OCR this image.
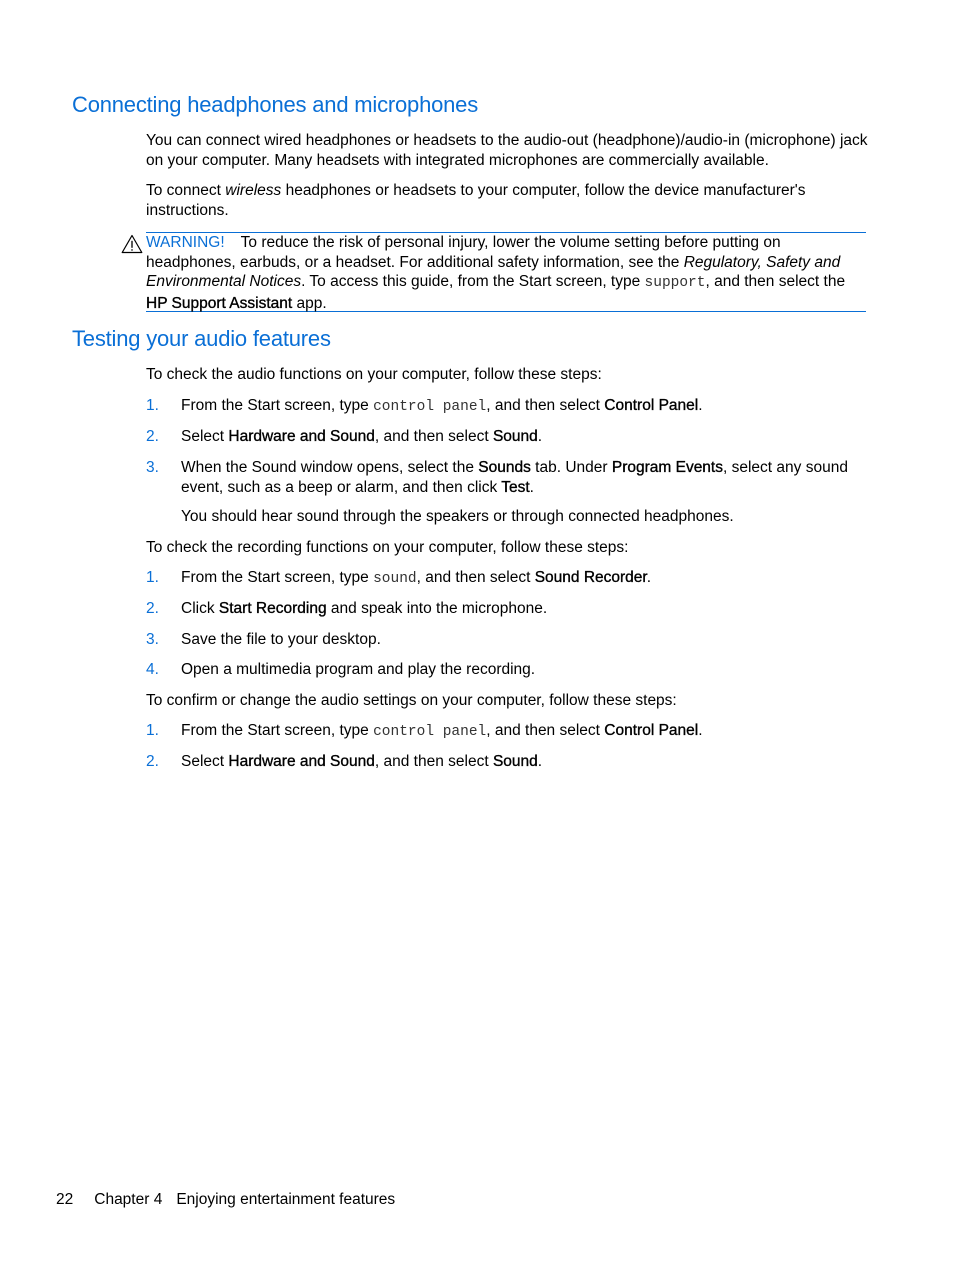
Connecting headphones and microphones

You can connect wired headphones or headsets to the audio-out (headphone)/audio-in (microphone) jack on your computer. Many headsets with integrated microphones are commercially available.

To connect wireless headphones or headsets to your computer, follow the device manufacturer's instructions.

WARNING! To reduce the risk of personal injury, lower the volume setting before putting on headphones, earbuds, or a headset. For additional safety information, see the Regulatory, Safety and Environmental Notices. To access this guide, from the Start screen, type support, and then select the HP Support Assistant app.
Testing your audio features

To check the audio functions on your computer, follow these steps:

1. From the Start screen, type control panel, and then select Control Panel.
2. Select Hardware and Sound, and then select Sound.
3. When the Sound window opens, select the Sounds tab. Under Program Events, select any sound event, such as a beep or alarm, and then click Test.

You should hear sound through the speakers or through connected headphones.

To check the recording functions on your computer, follow these steps:

1. From the Start screen, type sound, and then select Sound Recorder.
2. Click Start Recording and speak into the microphone.
3. Save the file to your desktop.
4. Open a multimedia program and play the recording.

To confirm or change the audio settings on your computer, follow these steps:

1. From the Start screen, type control panel, and then select Control Panel.
2. Select Hardware and Sound, and then select Sound.
22 Chapter 4 Enjoying entertainment features
